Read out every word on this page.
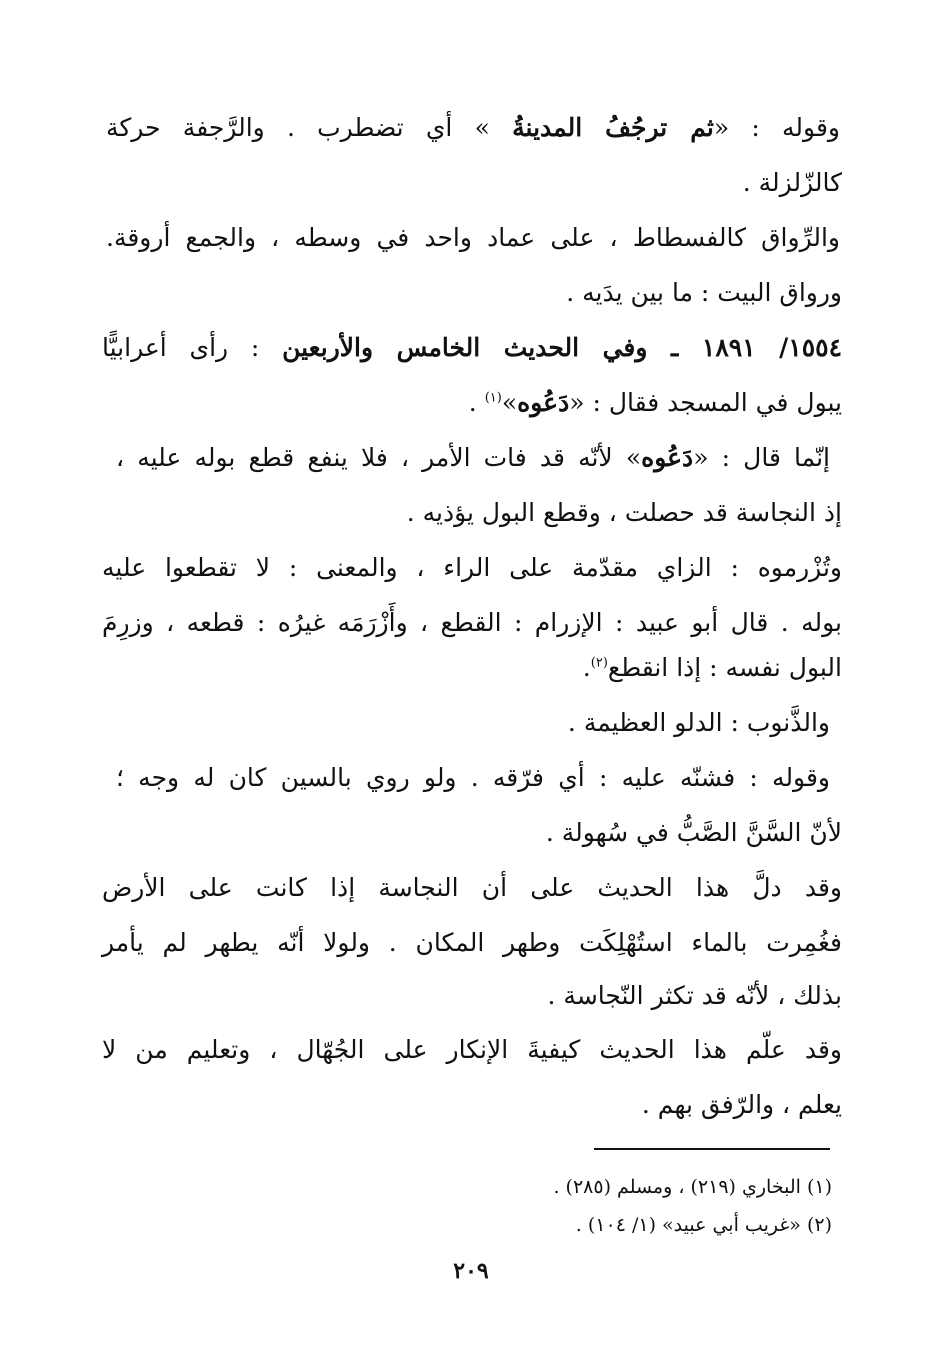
وقوله : «ثم ترجُفُ المدينةُ » أي تضطرب . والرَّجفة حركة
كالزّلزلة .
والرِّواق كالفسطاط ، على عماد واحد في وسطه ، والجمع أروقة.
ورواق البيت : ما بين يدَيه .
١٥٥٤/ ١٨٩١ ـ وفي الحديث الخامس والأربعين : رأى أعرابيًّا
يبول في المسجد فقال : «دَعُوه»$^{(١)}$ .
إنّما قال : «دَعُوه» لأنّه قد فات الأمر ، فلا ينفع قطع بوله عليه ،
إذ النجاسة قد حصلت ، وقطع البول يؤذيه .
وتُزْرموه : الزاي مقدّمة على الراء ، والمعنى : لا تقطعوا عليه
بوله . قال أبو عبيد : الإزرام : القطع ، وأَزْرَمَه غيرُه : قطعه ، وزرِمَ
البول نفسه : إذا انقطع$^{(٢)}$.
والذَّنوب : الدلو العظيمة .
وقوله : فشنّه عليه : أي فرّقه . ولو روي بالسين كان له وجه ؛
لأنّ السَّنَّ الصَّبُّ في سُهولة .
وقد دلَّ هذا الحديث على أن النجاسة إذا كانت على الأرض
فغُمِرت بالماء استُهْلِكَت وطهر المكان . ولولا أنّه يطهر لم يأمر
بذلك ، لأنّه قد تكثر النّجاسة .
وقد علّم هذا الحديث كيفيةَ الإنكار على الجُهّال ، وتعليم من لا
يعلم ، والرّفق بهم .
(١) البخاري (٢١٩) ، ومسلم (٢٨٥) .
(٢) «غريب أبي عبيد» (١/ ١٠٤) .
٢٠٩
